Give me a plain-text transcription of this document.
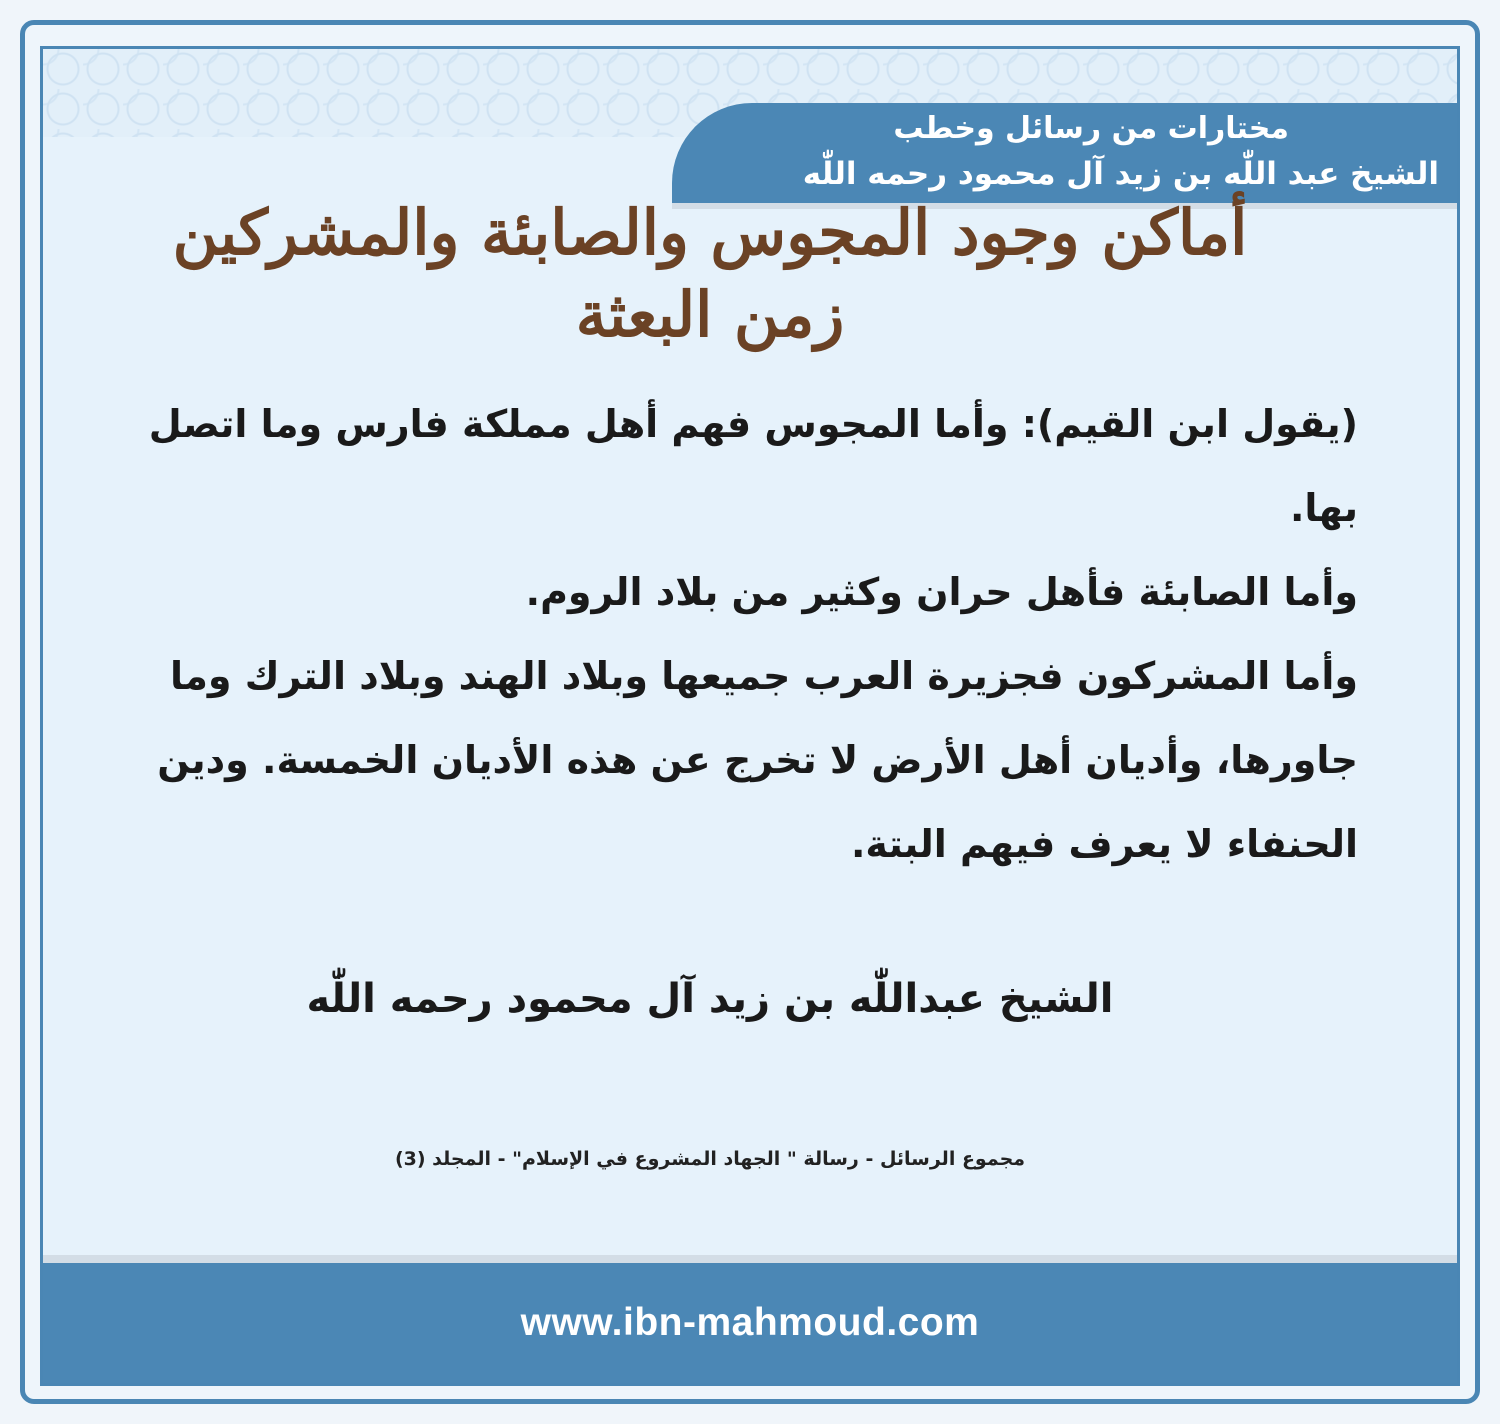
مختارات من رسائل وخطب
الشيخ عبد اللّٰه بن زيد آل محمود رحمه اللّٰه
www.ibn-mahmoud.com
أماكن وجود المجوس والصابئة والمشركين
زمن البعثة

(يقول ابن القيم): وأما المجوس فهم أهل مملكة فارس وما اتصل بها.

وأما الصابئة فأهل حران وكثير من بلاد الروم.

وأما المشركون فجزيرة العرب جميعها وبلاد الهند وبلاد الترك وما جاورها، وأديان أهل الأرض لا تخرج عن هذه الأديان الخمسة. ودين الحنفاء لا يعرف فيهم البتة.

الشيخ عبداللّٰه بن زيد آل محمود رحمه اللّٰه
مجموع الرسائل - رسالة " الجهاد المشروع في الإسلام" - المجلد (3)
